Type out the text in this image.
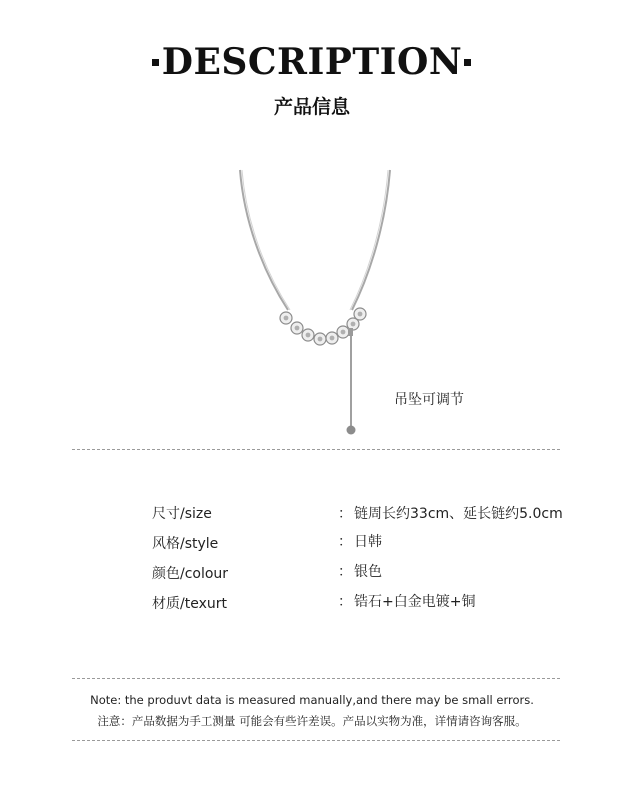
DESCRIPTION
产品信息
吊坠可调节
尺寸/size	： 链周长约33cm、延长链约5.0cm
风格/style	： 日韩
颜色/colour	： 银色
材质/texurt	： 锆石+白金电镀+铜
Note: the produvt data is measured manually,and there may be small errors.
注意：产品数据为手工测量 可能会有些许差误。产品以实物为准，详情请咨询客服。
